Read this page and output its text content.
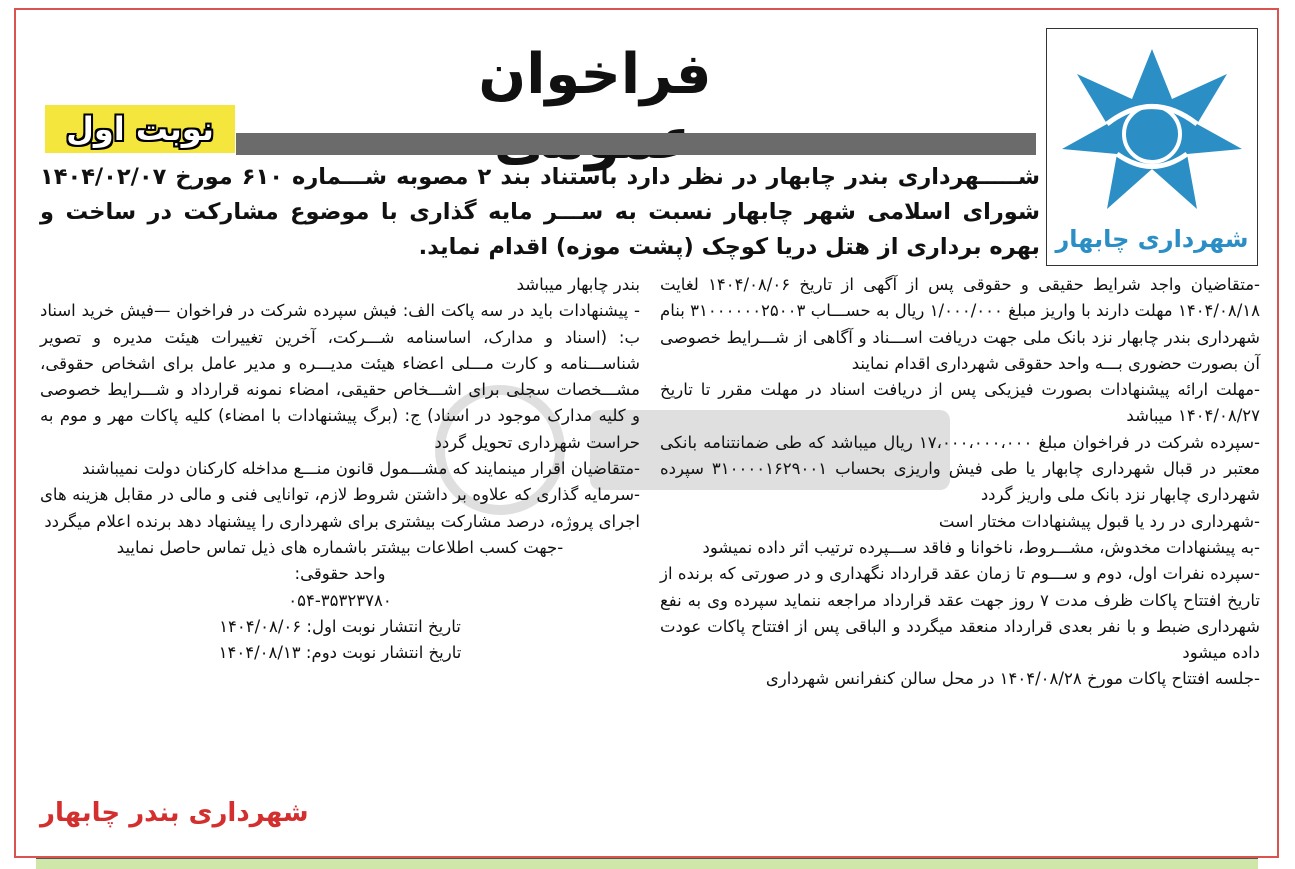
شهرداری چابهار
فراخوان
نوبت اول
شـــــهرداری بندر چابهار در نظر دارد باستناد بند ۲ مصوبه شـــماره ۶۱۰ مورخ ۱۴۰۴/۰۲/۰۷ شورای اسلامی شهر چابهار نسبت به ســـر مایه گذاری با موضوع مشارکت در ساخت و بهره برداری از هتل دریا کوچک (پشت موزه) اقدام نماید.

-متقاضیان واجد شرایط حقیقی و حقوقی پس از آگهی از تاریخ ۱۴۰۴/۰۸/۰۶ لغایت ۱۴۰۴/۰۸/۱۸ مهلت دارند با واریز مبلغ ۱/۰۰۰/۰۰۰ ریال به حســـاب ۳۱۰۰۰۰۰۰۲۵۰۰۳ بنام شهرداری بندر چابهار نزد بانک ملی جهت دریافت اســـناد و آگاهی از شـــرایط خصوصی آن بصورت حضوری بـــه واحد حقوقی شهرداری اقدام نمایند

-مهلت ارائه پیشنهادات بصورت فیزیکی پس از دریافت اسناد در مهلت مقرر تا تاریخ ۱۴۰۴/۰۸/۲۷ میباشد

-سپرده شرکت در فراخوان مبلغ ۱۷،۰۰۰،۰۰۰،۰۰۰ ریال میباشد که طی ضمانتنامه بانکی معتبر در قبال شهرداری چابهار یا طی فیش واریزی بحساب ۳۱۰۰۰۰۱۶۲۹۰۰۱ سپرده شهرداری چابهار نزد بانک ملی واریز گردد

-شهرداری در رد یا قبول پیشنهادات مختار است

-به پیشنهادات مخدوش، مشـــروط، ناخوانا و فاقد ســـپرده ترتیب اثر داده نمیشود

-سپرده نفرات اول، دوم و ســـوم تا زمان عقد قرارداد نگهداری و در صورتی که برنده از تاریخ افتتاح پاکات ظرف مدت ۷ روز جهت عقد قرارداد مراجعه ننماید سپرده وی به نفع شهرداری ضبط و با نفر بعدی قرارداد منعقد میگردد و الباقی پس از افتتاح پاکات عودت داده میشود

-جلسه افتتاح پاکات مورخ ۱۴۰۴/۰۸/۲۸ در محل سالن کنفرانس شهرداری

بندر چابهار میباشد

- پیشنهادات باید در سه پاکت الف: فیش سپرده شرکت در فراخوان —فیش خرید اسناد ب: (اسناد و مدارک، اساسنامه شـــرکت، آخرین تغییرات هیئت مدیره و تصویر شناســـنامه و کارت مـــلی اعضاء هیئت مدیـــره و مدیر عامل برای اشخاص حقوقی، مشـــخصات سجلی برای اشـــخاص حقیقی، امضاء نمونه قرارداد و شـــرایط خصوصی و کلیه مدارک موجود در اسناد) ج: (برگ پیشنهادات با امضاء) کلیه پاکات مهر و موم به حراست شهرداری تحویل گردد

-متقاضیان اقرار مینمایند که مشـــمول قانون منـــع مداخله کارکنان دولت نمیباشند

-سرمایه گذاری که علاوه بر داشتن شروط لازم، توانایی فنی و مالی در مقابل هزینه های اجرای پروژه، درصد مشارکت بیشتری برای شهرداری را پیشنهاد دهد برنده اعلام میگردد

-جهت کسب اطلاعات بیشتر باشماره های ذیل تماس حاصل نمایید

واحد حقوقی:

۰۵۴-۳۵۳۲۳۷۸۰

تاریخ انتشار نوبت اول: ۱۴۰۴/۰۸/۰۶

تاریخ انتشار نوبت دوم: ۱۴۰۴/۰۸/۱۳

شهرداری بندر چابهار
